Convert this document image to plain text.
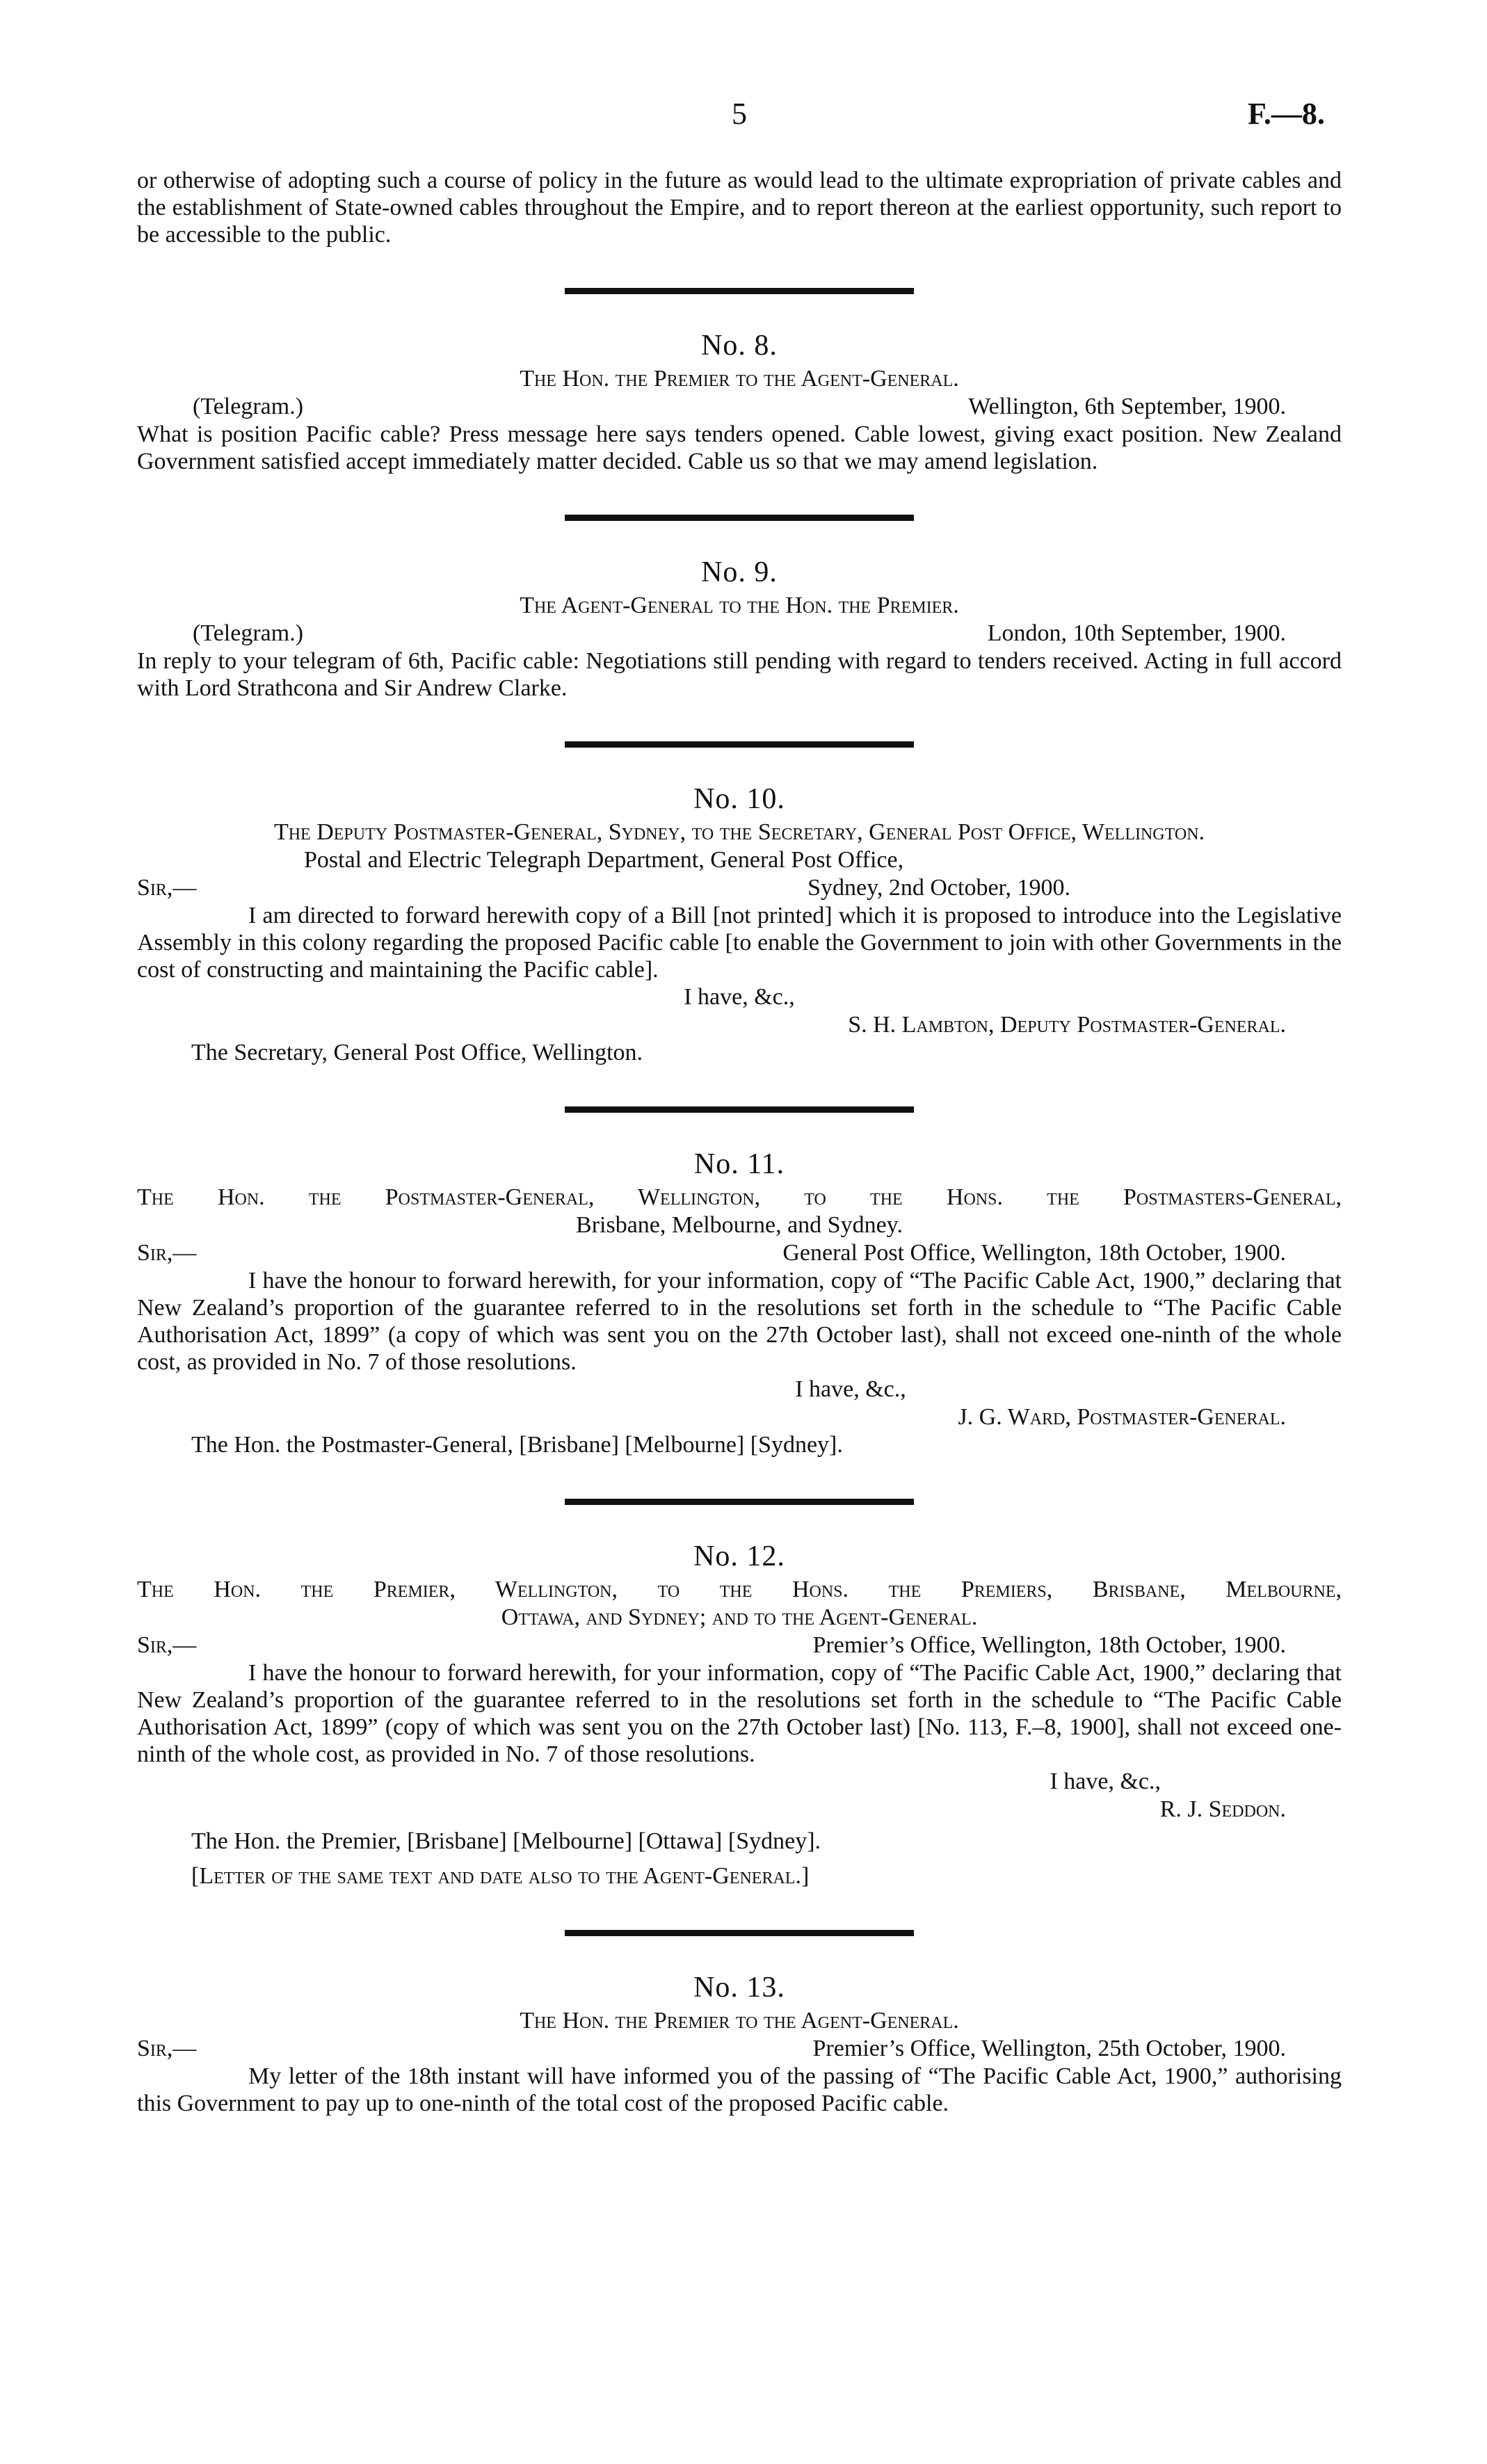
5	F.—8.

or otherwise of adopting such a course of policy in the future as would lead to the ultimate expropriation of private cables and the establishment of State-owned cables throughout the Empire, and to report thereon at the earliest opportunity, such report to be accessible to the public.

No. 8.
The Hon. the Premier to the Agent-General.
(Telegram.)	Wellington, 6th September, 1900.

What is position Pacific cable? Press message here says tenders opened. Cable lowest, giving exact position. New Zealand Government satisfied accept immediately matter decided. Cable us so that we may amend legislation.

No. 9.
The Agent-General to the Hon. the Premier.
(Telegram.)	London, 10th September, 1900.

In reply to your telegram of 6th, Pacific cable: Negotiations still pending with regard to tenders received. Acting in full accord with Lord Strathcona and Sir Andrew Clarke.

No. 10.
The Deputy Postmaster-General, Sydney, to the Secretary, General Post Office, Wellington.
Postal and Electric Telegraph Department, General Post Office,
Sir,—	Sydney, 2nd October, 1900.

I am directed to forward herewith copy of a Bill [not printed] which it is proposed to introduce into the Legislative Assembly in this colony regarding the proposed Pacific cable [to enable the Government to join with other Governments in the cost of constructing and maintaining the Pacific cable].

I have, &c.,
S. H. Lambton, Deputy Postmaster-General.
The Secretary, General Post Office, Wellington.
No. 11.
The Hon. the Postmaster-General, Wellington, to the Hons. the Postmasters-General,
Brisbane, Melbourne, and Sydney.
Sir,—	General Post Office, Wellington, 18th October, 1900.

I have the honour to forward herewith, for your information, copy of “The Pacific Cable Act, 1900,” declaring that New Zealand’s proportion of the guarantee referred to in the resolutions set forth in the schedule to “The Pacific Cable Authorisation Act, 1899” (a copy of which was sent you on the 27th October last), shall not exceed one-ninth of the whole cost, as provided in No. 7 of those resolutions.

I have, &c.,
J. G. Ward, Postmaster-General.
The Hon. the Postmaster-General, [Brisbane] [Melbourne] [Sydney].
No. 12.
The Hon. the Premier, Wellington, to the Hons. the Premiers, Brisbane, Melbourne,
Ottawa, and Sydney; and to the Agent-General.
Sir,—	Premier’s Office, Wellington, 18th October, 1900.

I have the honour to forward herewith, for your information, copy of “The Pacific Cable Act, 1900,” declaring that New Zealand’s proportion of the guarantee referred to in the resolutions set forth in the schedule to “The Pacific Cable Authorisation Act, 1899” (copy of which was sent you on the 27th October last) [No. 113, F.–8, 1900], shall not exceed one-ninth of the whole cost, as provided in No. 7 of those resolutions.

I have, &c.,
R. J. Seddon.
The Hon. the Premier, [Brisbane] [Melbourne] [Ottawa] [Sydney].
[Letter of the same text and date also to the Agent-General.]
No. 13.
The Hon. the Premier to the Agent-General.
Sir,—	Premier’s Office, Wellington, 25th October, 1900.

My letter of the 18th instant will have informed you of the passing of “The Pacific Cable Act, 1900,” authorising this Government to pay up to one-ninth of the total cost of the proposed Pacific cable.
